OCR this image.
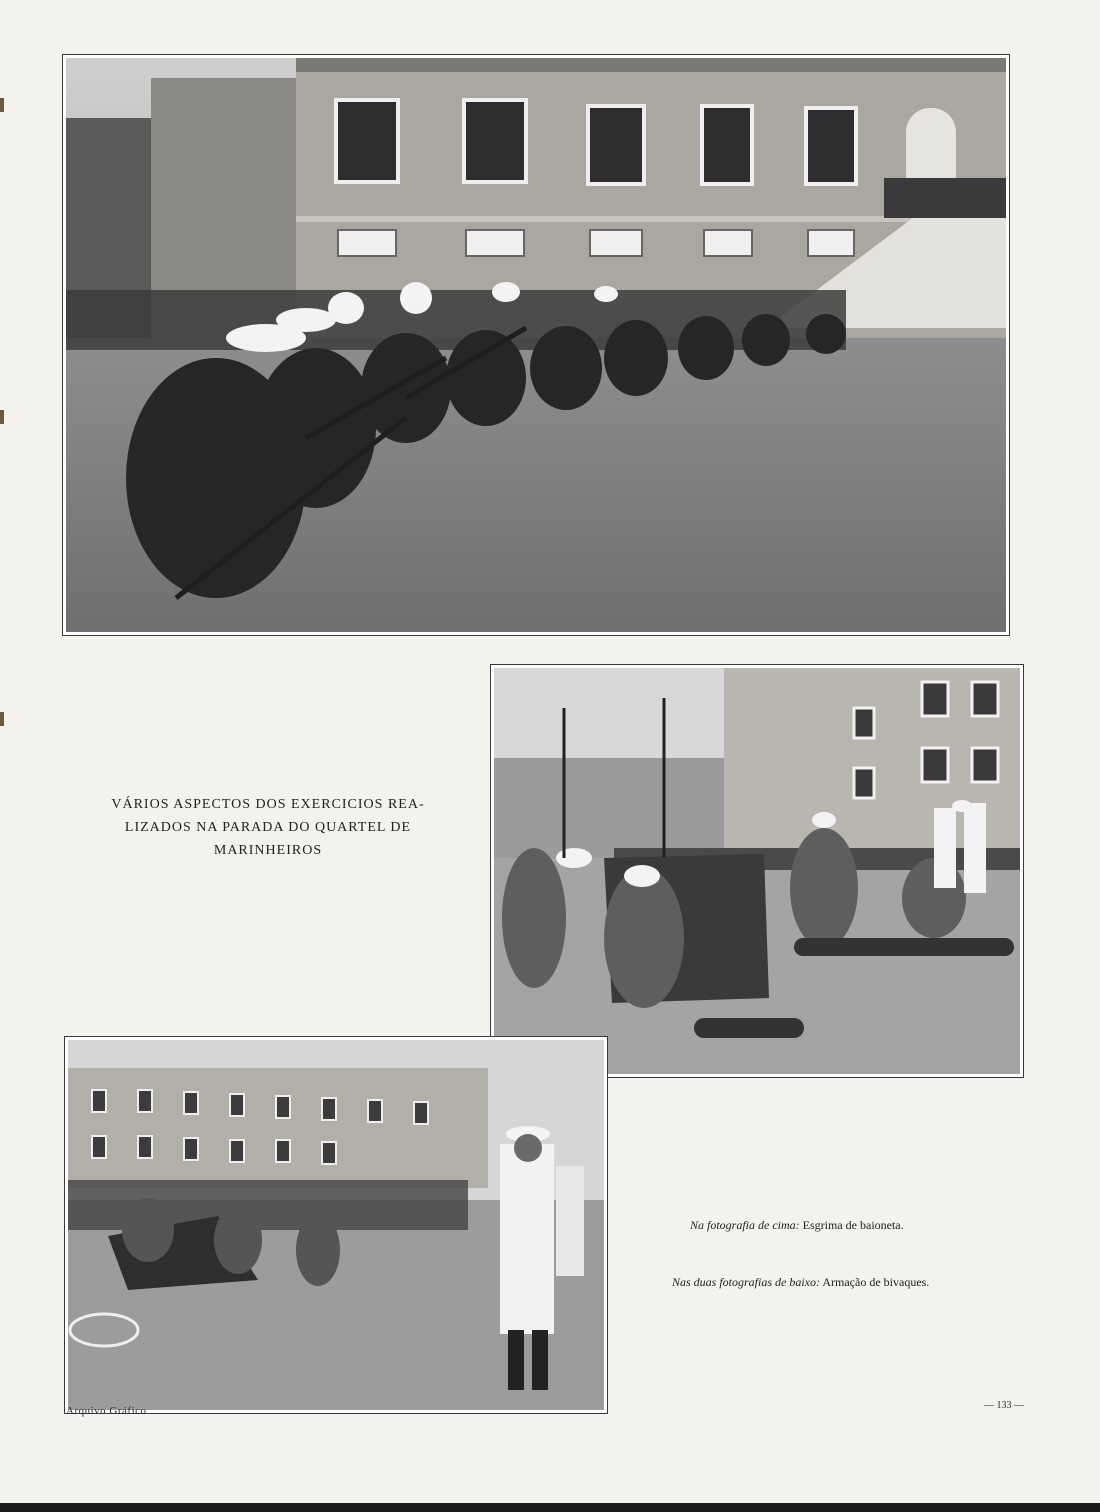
VÁRIOS ASPECTOS DOS EXERCICIOS REA-
LIZADOS NA PARADA DO QUARTEL DE
MARINHEIROS
Na fotografia de cima: Esgrima de baioneta.
Nas duas fotografias de baixo: Armação de bivaques.
Arquivo Gráfico	— 133 —
